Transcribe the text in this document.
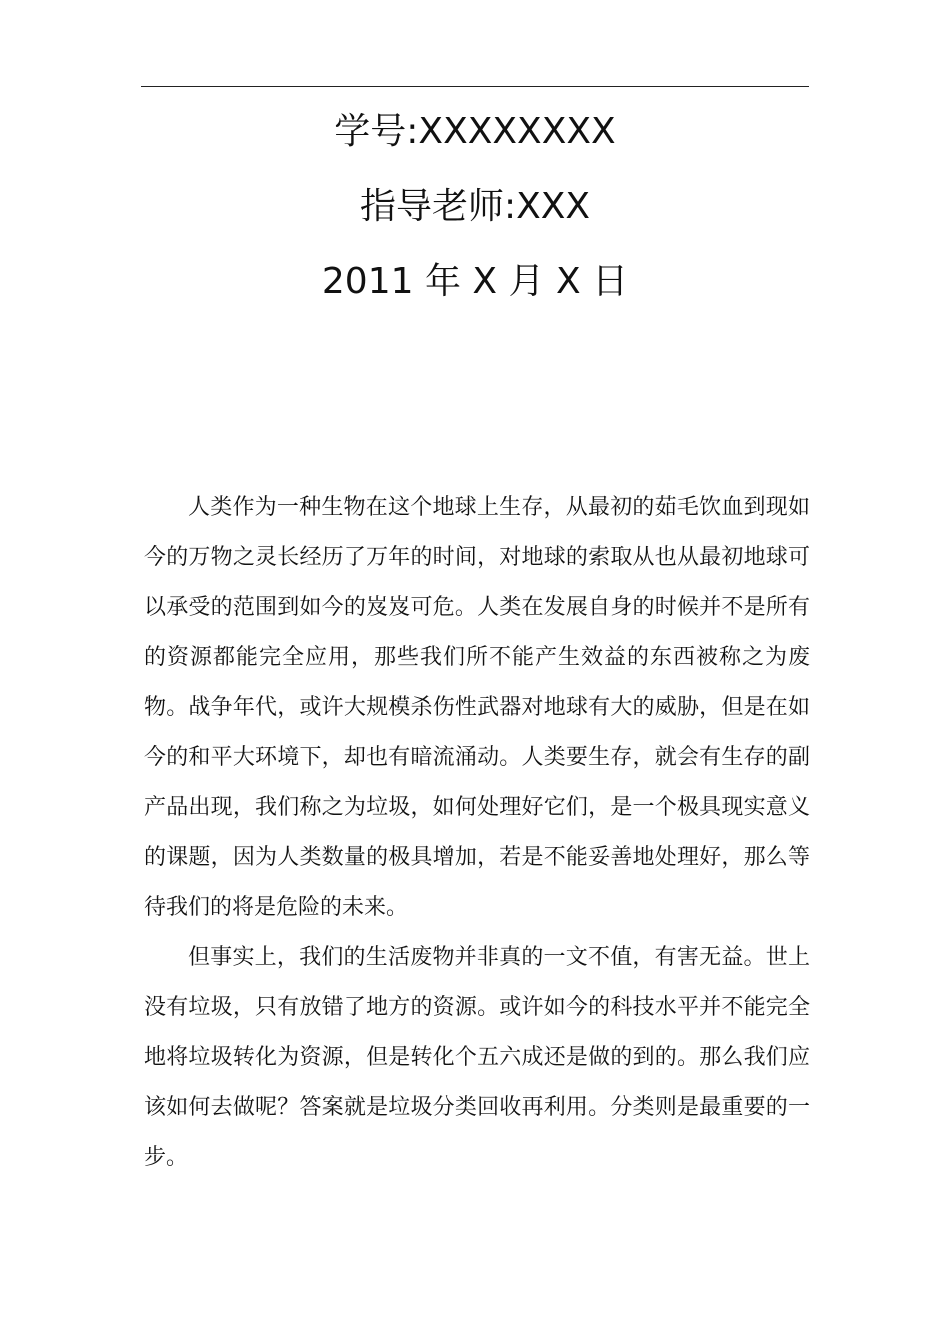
学号:XXXXXXXX
指导老师:XXX
2011 年 X 月 X 日

人类作为一种生物在这个地球上生存，从最初的茹毛饮血到现如今的万物之灵长经历了万年的时间，对地球的索取从也从最初地球可以承受的范围到如今的岌岌可危。人类在发展自身的时候并不是所有的资源都能完全应用，那些我们所不能产生效益的东西被称之为废物。战争年代，或许大规模杀伤性武器对地球有大的威胁，但是在如今的和平大环境下，却也有暗流涌动。人类要生存，就会有生存的副产品出现，我们称之为垃圾，如何处理好它们，是一个极具现实意义的课题，因为人类数量的极具增加，若是不能妥善地处理好，那么等待我们的将是危险的未来。

但事实上，我们的生活废物并非真的一文不值，有害无益。世上没有垃圾，只有放错了地方的资源。或许如今的科技水平并不能完全地将垃圾转化为资源，但是转化个五六成还是做的到的。那么我们应该如何去做呢？答案就是垃圾分类回收再利用。分类则是最重要的一步。
